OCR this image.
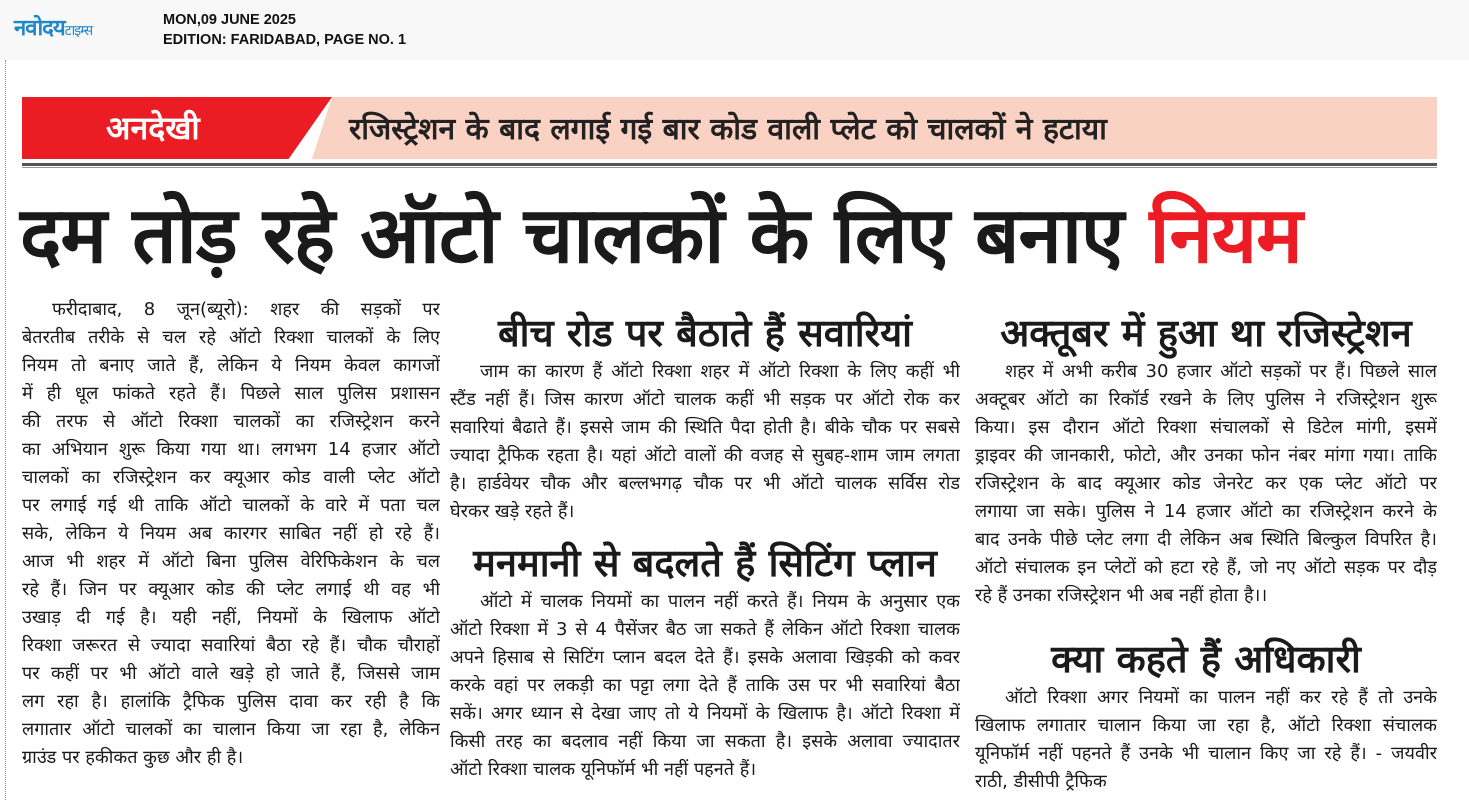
नवोदयटाइम्स
MON,09 JUNE 2025
EDITION: FARIDABAD, PAGE NO. 1
अनदेखी	रजिस्ट्रेशन के बाद लगाई गई बार कोड वाली प्लेट को चालकों ने हटाया
दम तोड़ रहे ऑटो चालकों के लिए बनाए नियम
फरीदाबाद, 8 जून(ब्यूरो): शहर की सड़कों पर
बेतरतीब तरीके से चल रहे ऑटो रिक्शा चालकों के लिए
नियम तो बनाए जाते हैं, लेकिन ये नियम केवल कागजों
में ही धूल फांकते रहते हैं। पिछले साल पुलिस प्रशासन
की तरफ से ऑटो रिक्शा चालकों का रजिस्ट्रेशन करने
का अभियान शुरू किया गया था। लगभग 14 हजार ऑटो
चालकों का रजिस्ट्रेशन कर क्यूआर कोड वाली प्लेट ऑटो
पर लगाई गई थी ताकि ऑटो चालकों के वारे में पता चल
सके, लेकिन ये नियम अब कारगर साबित नहीं हो रहे हैं।
आज भी शहर में ऑटो बिना पुलिस वेरिफिकेशन के चल
रहे हैं। जिन पर क्यूआर कोड की प्लेट लगाई थी वह भी
उखाड़ दी गई है। यही नहीं, नियमों के खिलाफ ऑटो
रिक्शा जरूरत से ज्यादा सवारियां बैठा रहे हैं। चौक चौराहों
पर कहीं पर भी ऑटो वाले खड़े हो जाते हैं, जिससे जाम
लग रहा है। हालांकि ट्रैफिक पुलिस दावा कर रही है कि
लगातार ऑटो चालकों का चालान किया जा रहा है, लेकिन
ग्राउंड पर हकीकत कुछ और ही है।
बीच रोड पर बैठाते हैं सवारियां
जाम का कारण हैं ऑटो रिक्शा शहर में ऑटो रिक्शा के लिए कहीं भी
स्टैंड नहीं हैं। जिस कारण ऑटो चालक कहीं भी सड़क पर ऑटो रोक कर
सवारियां बैढाते हैं। इससे जाम की स्थिति पैदा होती है। बीके चौक पर सबसे
ज्यादा ट्रैफिक रहता है। यहां ऑटो वालों की वजह से सुबह-शाम जाम लगता
है। हार्डवेयर चौक और बल्लभगढ़ चौक पर भी ऑटो चालक सर्विस रोड
घेरकर खड़े रहते हैं।
मनमानी से बदलते हैं सिटिंग प्लान
ऑटो में चालक नियमों का पालन नहीं करते हैं। नियम के अनुसार एक
ऑटो रिक्शा में 3 से 4 पैसेंजर बैठ जा सकते हैं लेकिन ऑटो रिक्शा चालक
अपने हिसाब से सिटिंग प्लान बदल देते हैं। इसके अलावा खिड़की को कवर
करके वहां पर लकड़ी का पट्टा लगा देते हैं ताकि उस पर भी सवारियां बैठा
सकें। अगर ध्यान से देखा जाए तो ये नियमों के खिलाफ है। ऑटो रिक्शा में
किसी तरह का बदलाव नहीं किया जा सकता है। इसके अलावा ज्यादातर
ऑटो रिक्शा चालक यूनिफॉर्म भी नहीं पहनते हैं।
अक्तूबर में हुआ था रजिस्ट्रेशन
शहर में अभी करीब 30 हजार ऑटो सड़कों पर हैं। पिछले साल
अक्टूबर ऑटो का रिकॉर्ड रखने के लिए पुलिस ने रजिस्ट्रेशन शुरू
किया। इस दौरान ऑटो रिक्शा संचालकों से डिटेल मांगी, इसमें
ड्राइवर की जानकारी, फोटो, और उनका फोन नंबर मांगा गया। ताकि
रजिस्ट्रेशन के बाद क्यूआर कोड जेनरेट कर एक प्लेट ऑटो पर
लगाया जा सके। पुलिस ने 14 हजार ऑटो का रजिस्ट्रेशन करने के
बाद उनके पीछे प्लेट लगा दी लेकिन अब स्थिति बिल्कुल विपरित है।
ऑटो संचालक इन प्लेटों को हटा रहे हैं, जो नए ऑटो सड़क पर दौड़
रहे हैं उनका रजिस्ट्रेशन भी अब नहीं होता है।।
क्या कहते हैं अधिकारी
ऑटो रिक्शा अगर नियमों का पालन नहीं कर रहे हैं तो उनके
खिलाफ लगातार चालान किया जा रहा है, ऑटो रिक्शा संचालक
यूनिफॉर्म नहीं पहनते हैं उनके भी चालान किए जा रहे हैं। - जयवीर
राठी, डीसीपी ट्रैफिक
